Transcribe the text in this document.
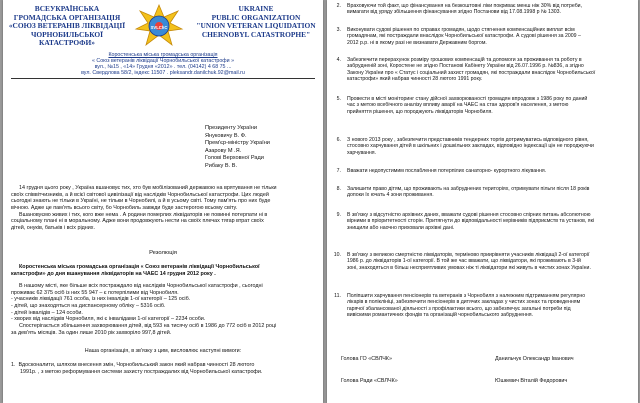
ВСЕУКРАЇНСЬКА
ГРОМАДСЬКА ОРГАНІЗАЦІЯ
«СОЮЗ ВЕТЕРАНІВ ЛІКВІДАЦІЇ
ЧОРНОБИЛЬСЬКОЇ
КАТАСТРОФИ»
SVLChC
UKRAINE
PUBLIC ORGANIZATION
"UNION VETERAN LIQUIDATION
CHERNOBYL CATASTROPHE"
Коростенська міська громадська організація
« Союз ветеранів ліквідації Чорнобильської катастрофи »
вул., №15 , «14» Грудня «2012» . тел. (04142) 4 68 75 ...
вул. Свердлова 58/2, індекс 11507 . pleksandr.danilchuk.92@mail.ru
Президенту України
Януковичу В. Ф.
Прем'єр-міністру України
Азарову М .Я.
Голові Верховної Ради
Рибаку В. В.
14 грудня цього року , Україна вшановує тих, хто був мобілізований державою на врятування не тільки
своїх співвітчизників, а й всієї світової цивілізації від наслідків Чорнобильської катастрофи. Цих людей
сьогодні знають не тільки в Україні, не тільки в Чорнобилі, а й в усьому світі. Тому пам'ять про них буде
вічною. Адже це пам'ять всього світу, бо Чорнобиль завжди буде застерогою всьому світу.
Вшановуємо живих і тих, кого вже нема . А родини померлих ліквідаторів не повинні потерпати ні в
соціальному плані ні в моральному. Адже вони продовжують нести на своїх плечах тягар втрат своїх
дітей, онуків, батьків і всіх рідних.
Резолюція
Коростенська міська громадська організація « Союз ветеранів ліквідації Чорнобильської
катастрофи» до дня вшанування ліквідаторів на ЧАЕС 14 грудня 2012 року .
В нашому місті, яке більше всіх постраждало від наслідків Чорнобильської катастрофи , сьогодні
проживає 62 375 осіб із них 55 947 – є потерпілими від Чорнобиля.
- учасників ліквідації 761 особа, із них інвалідів 1-ої категорії – 125 осіб.
- дітей, що знаходяться на диспансерному обліку – 5316 осіб.
- дітей інвалідів – 124 особи.
- хворих від наслідків Чорнобиля, які є інвалідами 1-ої категорії – 2234 особи.
Спостерігається збільшення захворювання дітей, від 593 на тисячу осіб в 1986 до 772 осіб в 2012 році
за дев'ять місяців. За один лише 2010 рік захворіло 997,8 дітей.
Наша організація, в зв'язку з цим, висловлює наступні вимоги:
1. Вдосконалити, шляхом внесення змін, Чорнобильський закон який набрав чинності 28 лютого
1991р. , з метою реформування системи захисту постраждалих від Чорнобильської катастрофи.
2. Враховуючи той факт, що фінансування на безкоштовні ліки покриває менш ніж 30% від потреби,
вимагати від уряду збільшення фінансування згідно Постанови від 17.08.1998 р № 1303.
3. Виконувати судові рішення по справах громадян, щодо стягнення компенсаційних виплат всім
громадянам, які постраждали внаслідок Чорнобильської катастрофи. А судові рішення за 2009 –
2012 р.р. ні в якому разі не визнавати Державним боргом.
4. Забезпечити перерахунок розміру грошових компенсацій та допомоги за проживання та роботу в
забрудненій зоні, Коростене не згідно Постанові Кабінету України від 26.07.1996 р. №836, а згідно
Закону України про « Статус і соціальний захист громадян, які постраждали внаслідок Чорнобильської
катастрофи» який набрав чинності 28 лютого 1991 року.
5. Провести в місті моніторинг стану дійсної захворюваності громадян впродовж з 1986 року по даний
час з метою всебічного аналізу впливу аварії на ЧАЕС на стан здоров'я населення, з метою
прийняття рішення, що породжують ліквідаторів Чорнобиля.
6. З нового 2013 року , забезпечити представників тендерних торгів дотримуватись відповідного рівня,
стосовно харчування дітей в шкільних і дошкільних закладах, відповідно індексації цін не породжуючи
харчування.
7. Вважати недопустимим послаблення потерпілих санаторно- курортного лікування.
8. Залишити право дітям, що проживають на забруднених територіях, отримувати пільги після 18 років
допоки їх ючать 4 зони проживання.
9. В зв'язку з відсутністю архівних даних, вважати судові рішення стосовно спірних питань абсолютною
вірними в пріоритетності сторін. Притягнути до відповідальності керівників підприємств та установ, які
знищили або наочно приховали архівні дані.
10. В зв'язку з великою смертністю ліквідаторів, терміново приирівняти учасників ліквідації 2-ої категорії
1986 р. до ліквідаторів 1-ої категорії. В той же час вважати, що ліквідатори, які проживають в 3-ій
зоні, знаходяться в більш несприятливих умовах ніж ті ліквідатори які живуть в чистих зонах України.
11. Поліпшити харчування пенсіонерів та ветеранів з Чорнобиля з належним підтриманням регулярно
лікарів в поліклініці, забезпечити пенсіонерів в дитячих закладах у чистих зонах та проведенням
гарячої збалансованої діяльності з профілактики всього, що забезпечує загальні потреби під
вивіскими романтичних фондів та організацій чорнобильського забруднення.
Голова ГО «СВЛЧК»	Данильчук Олександр Іванович
Голова Ради «СВЛЧК»	Юшкевич Віталій Федорович
